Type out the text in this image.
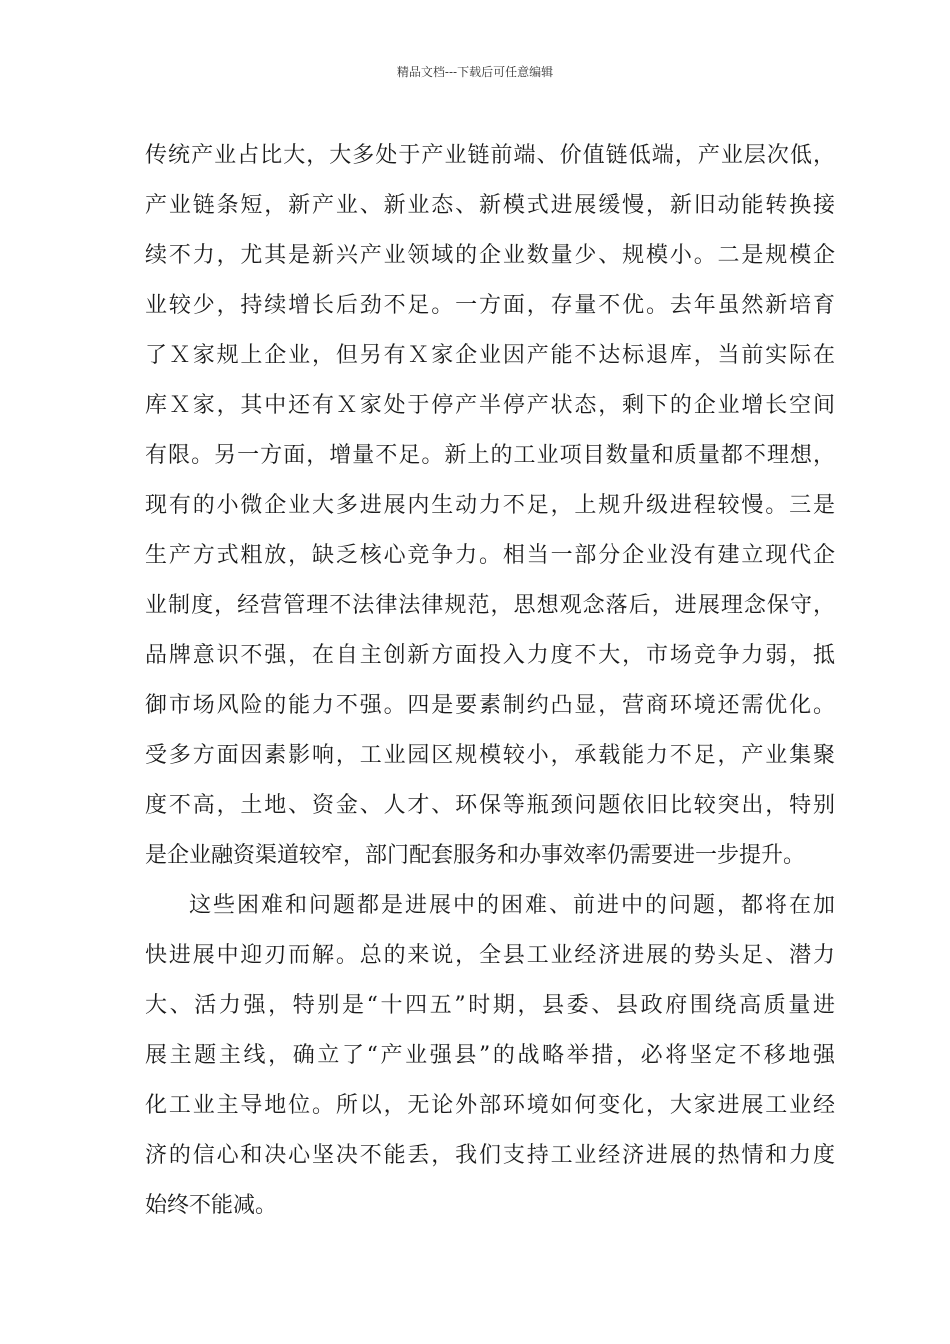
精品文档---下载后可任意编辑
传统产业占比大，大多处于产业链前端、价值链低端，产业层次低，
产业链条短，新产业、新业态、新模式进展缓慢，新旧动能转换接
续不力，尤其是新兴产业领域的企业数量少、规模小。二是规模企
业较少，持续增长后劲不足。一方面，存量不优。去年虽然新培育
了Ｘ家规上企业，但另有Ｘ家企业因产能不达标退库，当前实际在
库Ｘ家，其中还有Ｘ家处于停产半停产状态，剩下的企业增长空间
有限。另一方面，增量不足。新上的工业项目数量和质量都不理想，
现有的小微企业大多进展内生动力不足，上规升级进程较慢。三是
生产方式粗放，缺乏核心竞争力。相当一部分企业没有建立现代企
业制度，经营管理不法律法律规范，思想观念落后，进展理念保守，
品牌意识不强，在自主创新方面投入力度不大，市场竞争力弱，抵
御市场风险的能力不强。四是要素制约凸显，营商环境还需优化。
受多方面因素影响，工业园区规模较小，承载能力不足，产业集聚
度不高，土地、资金、人才、环保等瓶颈问题依旧比较突出，特别
是企业融资渠道较窄，部门配套服务和办事效率仍需要进一步提升。
这些困难和问题都是进展中的困难、前进中的问题，都将在加
快进展中迎刃而解。总的来说，全县工业经济进展的势头足、潜力
大、活力强，特别是“十四五”时期，县委、县政府围绕高质量进
展主题主线，确立了“产业强县”的战略举措，必将坚定不移地强
化工业主导地位。所以，无论外部环境如何变化，大家进展工业经
济的信心和决心坚决不能丢，我们支持工业经济进展的热情和力度
始终不能减。
